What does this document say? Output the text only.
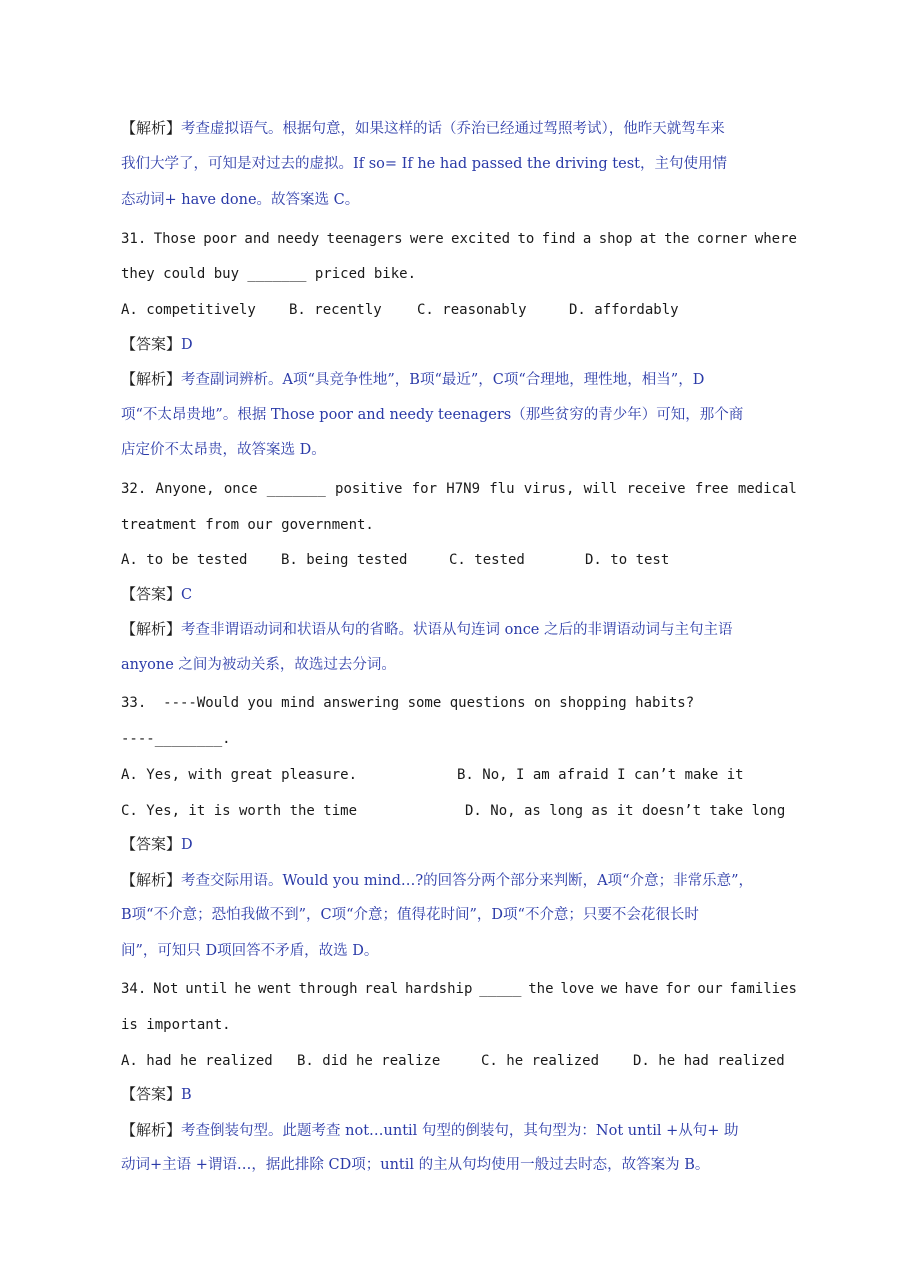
【解析】考查虚拟语气。根据句意，如果这样的话（乔治已经通过驾照考试），他昨天就驾车来
我们大学了，可知是对过去的虚拟。If so= If he had passed the driving test，主句使用情
态动词+ have done。故答案选 C。
31. Those poor and needy teenagers were excited to find a shop at the corner where
they could buy _______ priced bike.
A. competitively B. recently	C. reasonably	D. affordably
【答案】D
【解析】考查副词辨析。A项“具竞争性地”，B项“最近”，C项“合理地，理性地，相当”，D
项“不太昂贵地”。根据 Those poor and needy teenagers（那些贫穷的青少年）可知，那个商
店定价不太昂贵，故答案选 D。
32. Anyone, once _______ positive for H7N9 flu virus, will receive free medical
treatment from our government.
A. to be tested B. being tested	C. tested	D. to test
【答案】C
【解析】考查非谓语动词和状语从句的省略。状语从句连词 once 之后的非谓语动词与主句主语
anyone 之间为被动关系，故选过去分词。
33.  ----Would you mind answering some questions on shopping habits?
----________.
A. Yes, with great pleasure.	B. No, I am afraid I can’t make it
C. Yes, it is worth the time	D. No, as long as it doesn’t take long
【答案】D
【解析】考查交际用语。Would you mind…?的回答分两个部分来判断，A项“介意；非常乐意”，
B项“不介意；恐怕我做不到”，C项“介意；值得花时间”，D项“不介意；只要不会花很长时
间”，可知只 D项回答不矛盾，故选 D。
34. Not until he went through real hardship _____ the love we have for our families
is important.
A. had he realized B. did he realize	C. he realized D. he had realized
【答案】B
【解析】考查倒装句型。此题考查 not…until 句型的倒装句，其句型为：Not until +从句+ 助
动词+主语 +谓语…，据此排除 CD项；until 的主从句均使用一般过去时态，故答案为 B。
